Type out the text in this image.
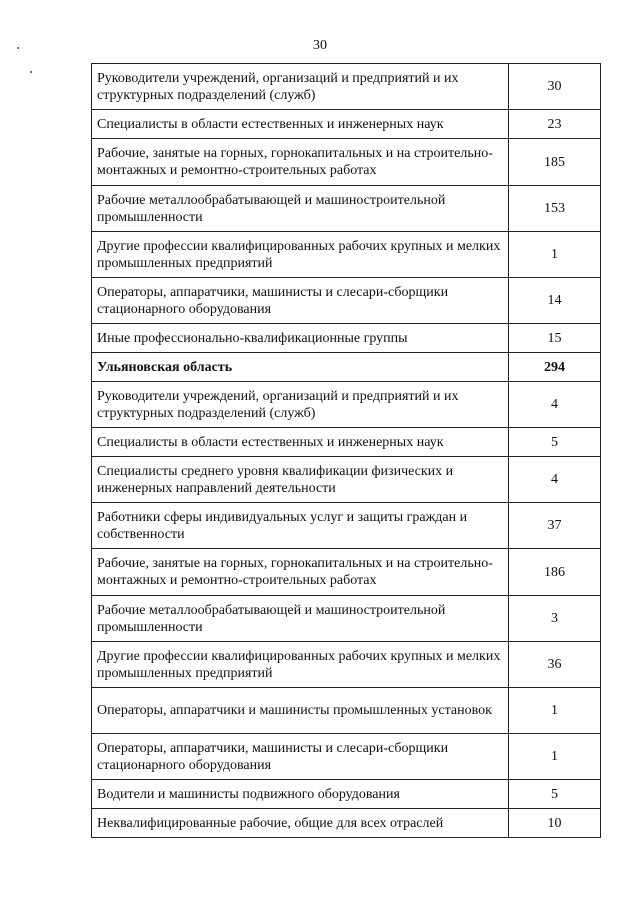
30
Руководители учреждений, организаций и предприятий и их структурных подразделений (служб)	30
Специалисты в области естественных и инженерных наук	23
Рабочие, занятые на горных, горнокапитальных и на строительно-монтажных и ремонтно-строительных работах	185
Рабочие металлообрабатывающей и машиностроительной промышленности	153
Другие профессии квалифицированных рабочих крупных и мелких промышленных предприятий	1
Операторы, аппаратчики, машинисты и слесари-сборщики стационарного оборудования	14
Иные профессионально-квалификационные группы	15
Ульяновская область	294
Руководители учреждений, организаций и предприятий и их структурных подразделений (служб)	4
Специалисты в области естественных и инженерных наук	5
Специалисты среднего уровня квалификации физических и инженерных направлений деятельности	4
Работники сферы индивидуальных услуг и защиты граждан и собственности	37
Рабочие, занятые на горных, горнокапитальных и на строительно-монтажных и ремонтно-строительных работах	186
Рабочие металлообрабатывающей и машиностроительной промышленности	3
Другие профессии квалифицированных рабочих крупных и мелких промышленных предприятий	36
Операторы, аппаратчики и машинисты промышленных установок	1
Операторы, аппаратчики, машинисты и слесари-сборщики стационарного оборудования	1
Водители и машинисты подвижного оборудования	5
Неквалифицированные рабочие, общие для всех отраслей	10
